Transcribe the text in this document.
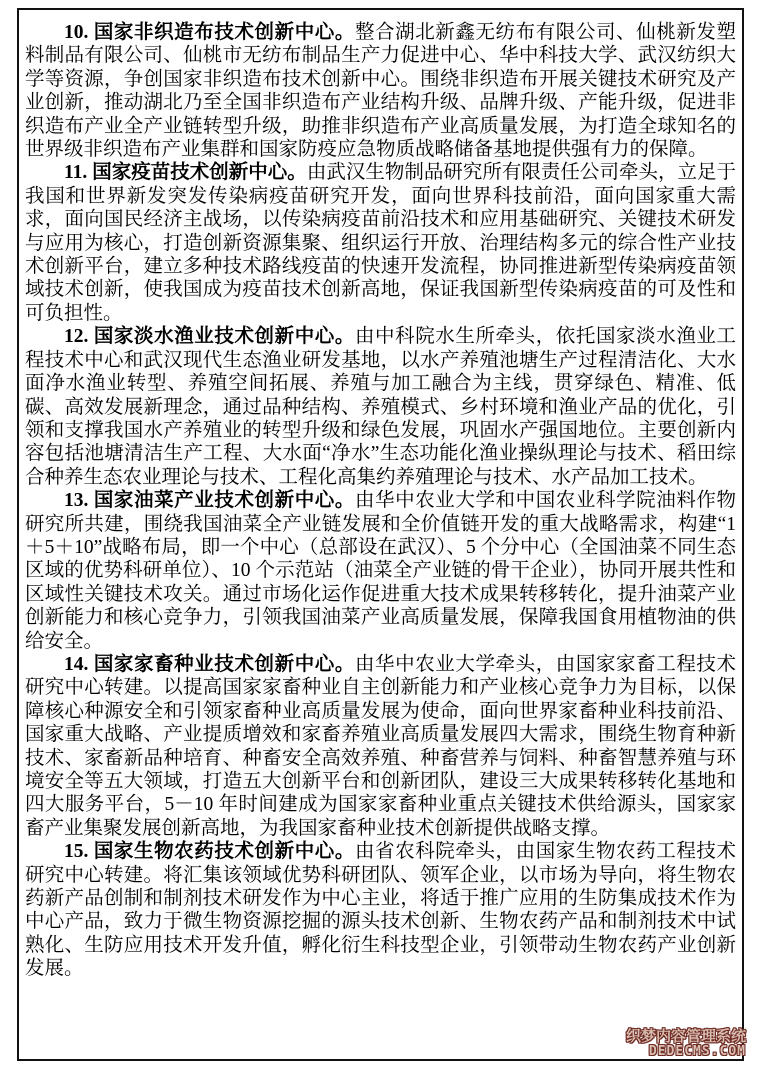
10. 国家非织造布技术创新中心。整合湖北新鑫无纺布有限公司、仙桃新发塑料制品有限公司、仙桃市无纺布制品生产力促进中心、华中科技大学、武汉纺织大学等资源，争创国家非织造布技术创新中心。围绕非织造布开展关键技术研究及产业创新，推动湖北乃至全国非织造布产业结构升级、品牌升级、产能升级，促进非织造布产业全产业链转型升级，助推非织造布产业高质量发展，为打造全球知名的世界级非织造布产业集群和国家防疫应急物质战略储备基地提供强有力的保障。

11. 国家疫苗技术创新中心。由武汉生物制品研究所有限责任公司牵头，立足于我国和世界新发突发传染病疫苗研究开发，面向世界科技前沿，面向国家重大需求，面向国民经济主战场，以传染病疫苗前沿技术和应用基础研究、关键技术研发与应用为核心，打造创新资源集聚、组织运行开放、治理结构多元的综合性产业技术创新平台，建立多种技术路线疫苗的快速开发流程，协同推进新型传染病疫苗领域技术创新，使我国成为疫苗技术创新高地，保证我国新型传染病疫苗的可及性和可负担性。

12. 国家淡水渔业技术创新中心。由中科院水生所牵头，依托国家淡水渔业工程技术中心和武汉现代生态渔业研发基地，以水产养殖池塘生产过程清洁化、大水面净水渔业转型、养殖空间拓展、养殖与加工融合为主线，贯穿绿色、精准、低碳、高效发展新理念，通过品种结构、养殖模式、乡村环境和渔业产品的优化，引领和支撑我国水产养殖业的转型升级和绿色发展，巩固水产强国地位。主要创新内容包括池塘清洁生产工程、大水面“净水”生态功能化渔业操纵理论与技术、稻田综合种养生态农业理论与技术、工程化高集约养殖理论与技术、水产品加工技术。

13. 国家油菜产业技术创新中心。由华中农业大学和中国农业科学院油料作物研究所共建，围绕我国油菜全产业链发展和全价值链开发的重大战略需求，构建“1＋5＋10”战略布局，即一个中心（总部设在武汉）、5 个分中心（全国油菜不同生态区域的优势科研单位）、10 个示范站（油菜全产业链的骨干企业），协同开展共性和区域性关键技术攻关。通过市场化运作促进重大技术成果转移转化，提升油菜产业创新能力和核心竞争力，引领我国油菜产业高质量发展，保障我国食用植物油的供给安全。

14. 国家家畜种业技术创新中心。由华中农业大学牵头，由国家家畜工程技术研究中心转建。以提高国家家畜种业自主创新能力和产业核心竞争力为目标，以保障核心种源安全和引领家畜种业高质量发展为使命，面向世界家畜种业科技前沿、国家重大战略、产业提质增效和家畜养殖业高质量发展四大需求，围绕生物育种新技术、家畜新品种培育、种畜安全高效养殖、种畜营养与饲料、种畜智慧养殖与环境安全等五大领域，打造五大创新平台和创新团队，建设三大成果转移转化基地和四大服务平台，5－10 年时间建成为国家家畜种业重点关键技术供给源头，国家家畜产业集聚发展创新高地，为我国家畜种业技术创新提供战略支撑。

15. 国家生物农药技术创新中心。由省农科院牵头，由国家生物农药工程技术研究中心转建。将汇集该领域优势科研团队、领军企业，以市场为导向，将生物农药新产品创制和制剂技术研发作为中心主业，将适于推广应用的生防集成技术作为中心产品，致力于微生物资源挖掘的源头技术创新、生物农药产品和制剂技术中试熟化、生防应用技术开发升值，孵化衍生科技型企业，引领带动生物农药产业创新发展。

织梦内容管理系统
DEDECMS.COM
